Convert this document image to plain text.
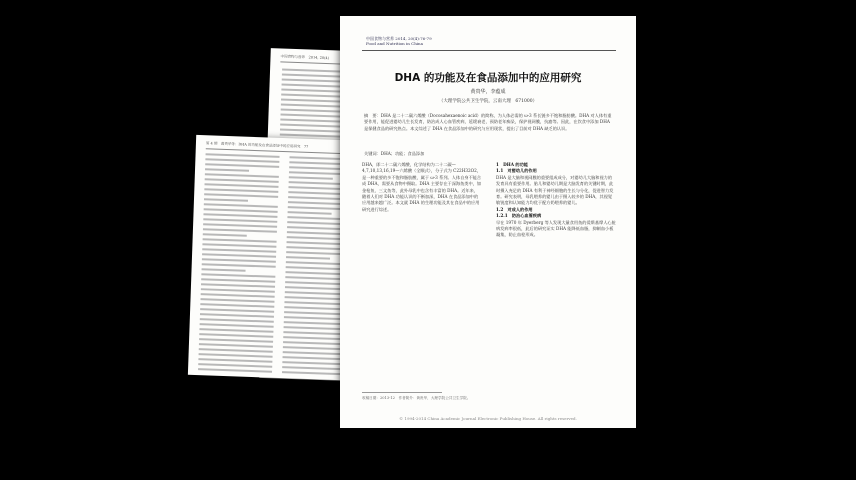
中国食物与营养　2014, 20(4)
第 4 期　黄贵华等：DHA 的功能及在食品添加中的应用研究　77
中国食物与营养 2014, 20(4):76-79
Food and Nutrition in China
DHA 的功能及在食品添加中的应用研究
黄贵华，李蕴成
（大理学院公共卫生学院，云南大理　671000）
摘　要：DHA 是二十二碳六烯酸（Docosahexaenoic acid）的简称，为人体必需的 ω-3 系长链多不饱和脂肪酸。DHA 对人体有重要作用，能促进婴幼儿生长发育，防治成人心血管疾病，延缓衰老，预防老年痴呆，保护视网膜，抗癌等。因此，在饮食中添加 DHA 是保健食品的研究热点。本文综述了 DHA 在食品添加中的研究与应用现状，提出了目前对 DHA 缺乏的认识。
关键词：DHA；功能；食品添加
DHA，即二十二碳六烯酸，化学结构为二十二碳—4,7,10,13,16,19—六烯酸（全顺式），分子式为 C22H32O2，是一种重要的多不饱和脂肪酸，属于 ω-3 系列。人体自身不能合成 DHA，需要从食物中摄取。DHA 主要存在于深海鱼类中，如金枪鱼、三文鱼等，此外母乳中也含有丰富的 DHA。近年来，随着人们对 DHA 功能认识的不断加深，DHA 在食品添加中的应用越来越广泛。本文就 DHA 的生理功能及其在食品中的应用研究进行综述。
1　DHA 的功能
1.1　对婴幼儿的作用
DHA 是大脑和视网膜的重要组成成分，对婴幼儿大脑和视力的发育具有重要作用。胎儿和婴幼儿期是大脑发育的关键时期，此时摄入充足的 DHA 有利于神经细胞的生长与分化，促进智力发育。研究表明，母乳喂养的婴儿由于摄入较多的 DHA，其视觉敏锐度和认知能力均优于配方奶喂养的婴儿。
1.2　对成人的作用
1.2.1　防治心血管疾病
早在 1970 年 Dyerberg 等人发现大量食用鱼的爱斯基摩人心脏病发病率很低，此后的研究证实 DHA 能降低血脂，抑制血小板凝集，防止血栓形成。
收稿日期：2013-12　作者简介：黄贵华，大理学院公共卫生学院。
© 1994-2014 China Academic Journal Electronic Publishing House. All rights reserved.
